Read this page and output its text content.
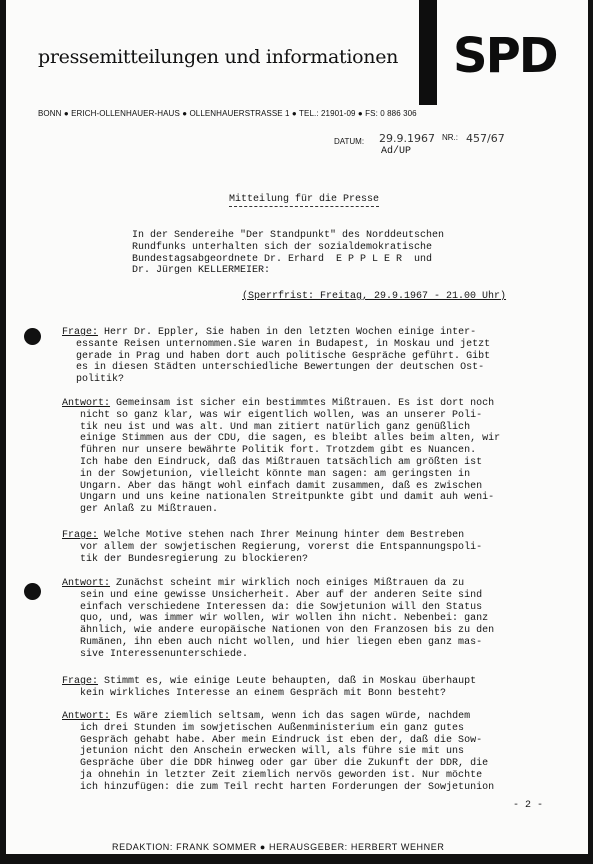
pressemitteilungen und informationen SPD
BONN ● ERICH-OLLENHAUER-HAUS ● OLLENHAUERSTRASSE 1 ● TEL.: 21901-09 ● FS: 0 886 306
DATUM: 29.9.1967 NR.: 457/67
Ad/UP
Mitteilung für die Presse
In der Sendereihe "Der Standpunkt" des Norddeutschen
Rundfunks unterhalten sich der sozialdemokratische
Bundestagsabgeordnete Dr. Erhard  E P P L E R  und
Dr. Jürgen KELLERMEIER:
(Sperrfrist: Freitag, 29.9.1967 - 21.00 Uhr)
Frage: Herr Dr. Eppler, Sie haben in den letzten Wochen einige inter-
essante Reisen unternommen.Sie waren in Budapest, in Moskau und jetzt
gerade in Prag und haben dort auch politische Gespräche geführt. Gibt
es in diesen Städten unterschiedliche Bewertungen der deutschen Ost-
politik?
Antwort: Gemeinsam ist sicher ein bestimmtes Mißtrauen. Es ist dort noch
nicht so ganz klar, was wir eigentlich wollen, was an unserer Poli-
tik neu ist und was alt. Und man zitiert natürlich ganz genüßlich
einige Stimmen aus der CDU, die sagen, es bleibt alles beim alten, wir
führen nur unsere bewährte Politik fort. Trotzdem gibt es Nuancen.
Ich habe den Eindruck, daß das Mißtrauen tatsächlich am größten ist
in der Sowjetunion, vielleicht könnte man sagen: am geringsten in
Ungarn. Aber das hängt wohl einfach damit zusammen, daß es zwischen
Ungarn und uns keine nationalen Streitpunkte gibt und damit auh weni-
ger Anlaß zu Mißtrauen.
Frage: Welche Motive stehen nach Ihrer Meinung hinter dem Bestreben
vor allem der sowjetischen Regierung, vorerst die Entspannungspoli-
tik der Bundesregierung zu blockieren?
Antwort: Zunächst scheint mir wirklich noch einiges Mißtrauen da zu
sein und eine gewisse Unsicherheit. Aber auf der anderen Seite sind
einfach verschiedene Interessen da: die Sowjetunion will den Status
quo, und, was immer wir wollen, wir wollen ihn nicht. Nebenbei: ganz
ähnlich, wie andere europäische Nationen von den Franzosen bis zu den
Rumänen, ihn eben auch nicht wollen, und hier liegen eben ganz mas-
sive Interessenunterschiede.
Frage: Stimmt es, wie einige Leute behaupten, daß in Moskau überhaupt
kein wirkliches Interesse an einem Gespräch mit Bonn besteht?
Antwort: Es wäre ziemlich seltsam, wenn ich das sagen würde, nachdem
ich drei Stunden im sowjetischen Außenministerium ein ganz gutes
Gespräch gehabt habe. Aber mein Eindruck ist eben der, daß die Sow-
jetunion nicht den Anschein erwecken will, als führe sie mit uns
Gespräche über die DDR hinweg oder gar über die Zukunft der DDR, die
ja ohnehin in letzter Zeit ziemlich nervös geworden ist. Nur möchte
ich hinzufügen: die zum Teil recht harten Forderungen der Sowjetunion
- 2 -
REDAKTION: FRANK SOMMER ● HERAUSGEBER: HERBERT WEHNER
